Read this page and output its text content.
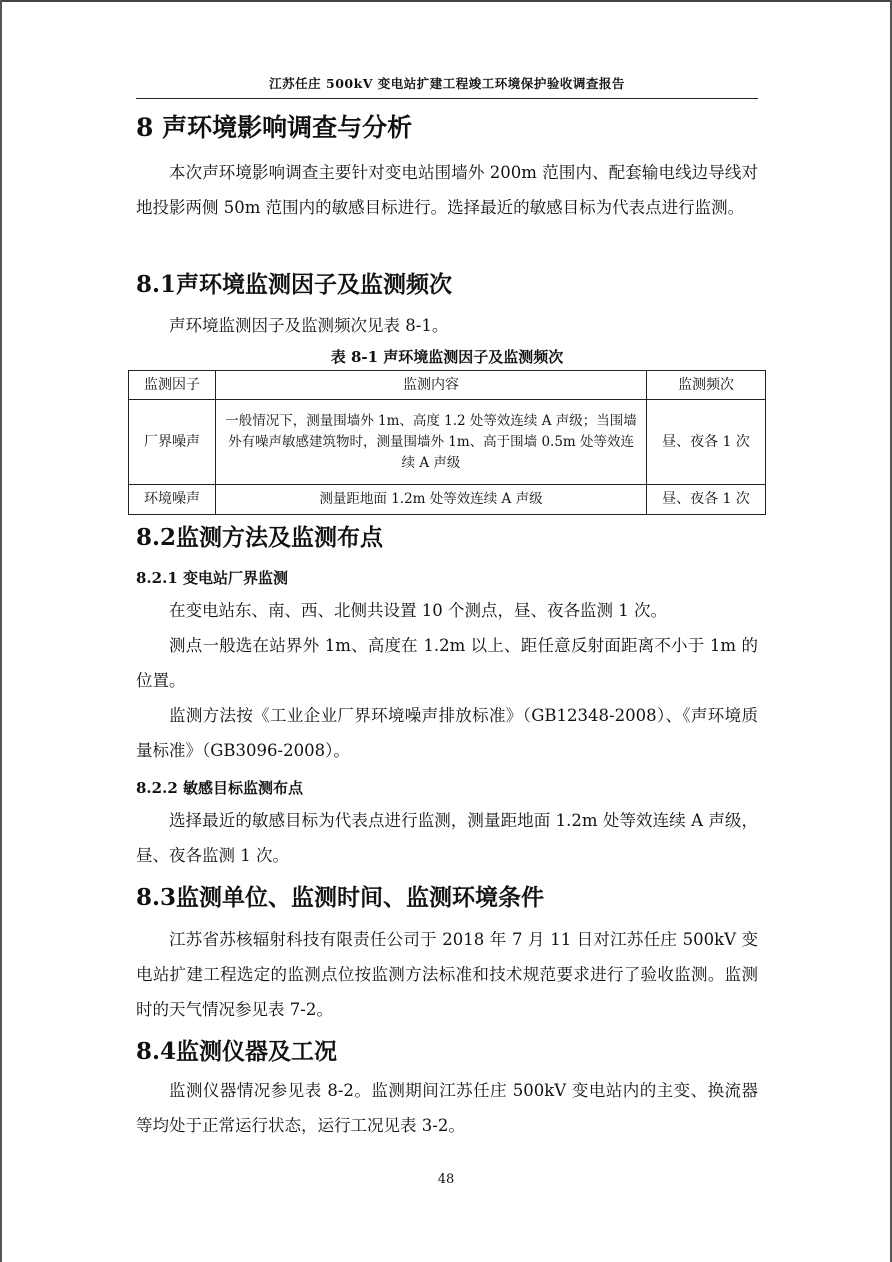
江苏任庄 500kV 变电站扩建工程竣工环境保护验收调查报告
8 声环境影响调查与分析

本次声环境影响调查主要针对变电站围墙外 200m 范围内、配套输电线边导线对地投影两侧 50m 范围内的敏感目标进行。选择最近的敏感目标为代表点进行监测。

8.1声环境监测因子及监测频次

声环境监测因子及监测频次见表 8-1。

表 8-1 声环境监测因子及监测频次
监测因子	监测内容	监测频次
厂界噪声	一般情况下，测量围墙外 1m、高度 1.2 处等效连续 A 声级；当围墙外有噪声敏感建筑物时，测量围墙外 1m、高于围墙 0.5m 处等效连续 A 声级	昼、夜各 1 次
环境噪声	测量距地面 1.2m 处等效连续 A 声级	昼、夜各 1 次
8.2监测方法及监测布点
8.2.1 变电站厂界监测

在变电站东、南、西、北侧共设置 10 个测点，昼、夜各监测 1 次。

测点一般选在站界外 1m、高度在 1.2m 以上、距任意反射面距离不小于 1m 的位置。

监测方法按《工业企业厂界环境噪声排放标准》（GB12348-2008）、《声环境质量标准》（GB3096-2008）。

8.2.2 敏感目标监测布点

选择最近的敏感目标为代表点进行监测，测量距地面 1.2m 处等效连续 A 声级，昼、夜各监测 1 次。

8.3监测单位、监测时间、监测环境条件

江苏省苏核辐射科技有限责任公司于 2018 年 7 月 11 日对江苏任庄 500kV 变电站扩建工程选定的监测点位按监测方法标准和技术规范要求进行了验收监测。监测时的天气情况参见表 7-2。

8.4监测仪器及工况

监测仪器情况参见表 8-2。监测期间江苏任庄 500kV 变电站内的主变、换流器等均处于正常运行状态，运行工况见表 3-2。

48
